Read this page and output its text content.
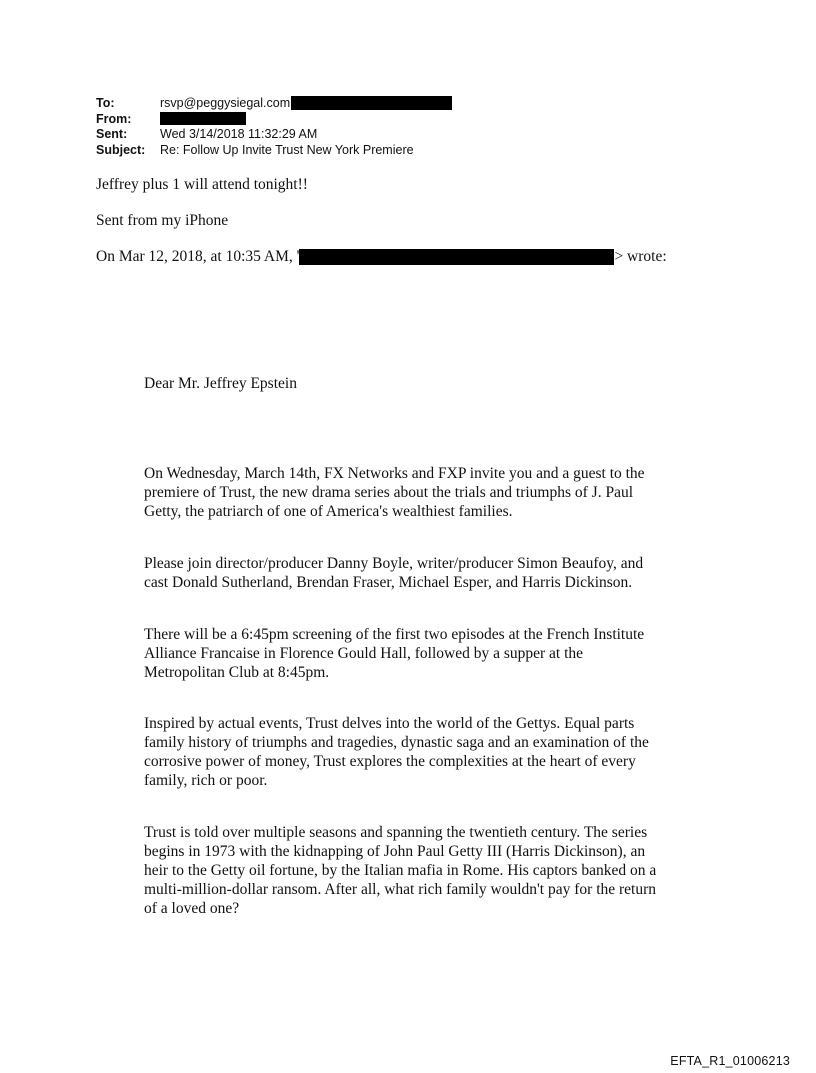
To:	rsvp@peggysiegal.com
From:
Sent:	Wed 3/14/2018 11:32:29 AM
Subject:	Re: Follow Up Invite Trust New York Premiere
Jeffrey plus 1 will attend tonight!!
Sent from my iPhone
On Mar 12, 2018, at 10:35 AM, '	> wrote:
Dear Mr. Jeffrey Epstein
On Wednesday, March 14th, FX Networks and FXP invite you and a guest to the
premiere of Trust, the new drama series about the trials and triumphs of J. Paul
Getty, the patriarch of one of America's wealthiest families.
Please join director/producer Danny Boyle, writer/producer Simon Beaufoy, and
cast Donald Sutherland, Brendan Fraser, Michael Esper, and Harris Dickinson.
There will be a 6:45pm screening of the first two episodes at the French Institute
Alliance Francaise in Florence Gould Hall, followed by a supper at the
Metropolitan Club at 8:45pm.
Inspired by actual events, Trust delves into the world of the Gettys. Equal parts
family history of triumphs and tragedies, dynastic saga and an examination of the
corrosive power of money, Trust explores the complexities at the heart of every
family, rich or poor.
Trust is told over multiple seasons and spanning the twentieth century. The series
begins in 1973 with the kidnapping of John Paul Getty III (Harris Dickinson), an
heir to the Getty oil fortune, by the Italian mafia in Rome. His captors banked on a
multi-million-dollar ransom. After all, what rich family wouldn't pay for the return
of a loved one?
EFTA_R1_01006213
